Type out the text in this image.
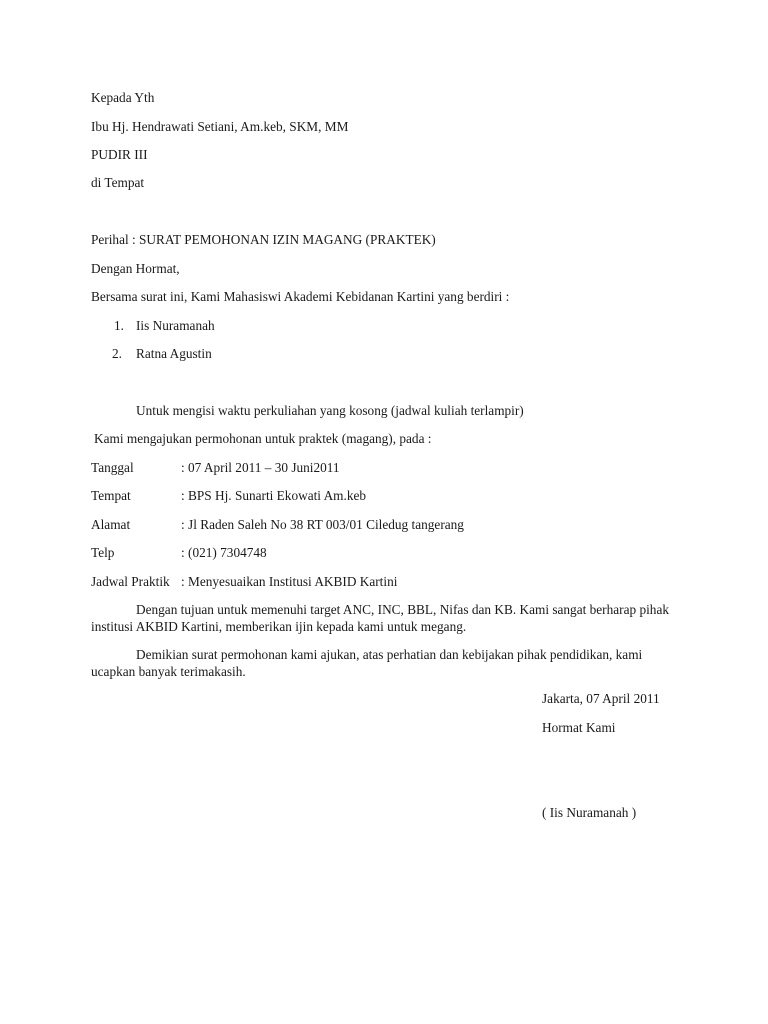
Kepada Yth
Ibu Hj. Hendrawati Setiani, Am.keb, SKM, MM
PUDIR III
di Tempat
Perihal : SURAT PEMOHONAN IZIN MAGANG (PRAKTEK)
Dengan Hormat,
Bersama surat ini, Kami Mahasiswi Akademi Kebidanan Kartini yang berdiri :
1. Iis Nuramanah
2. Ratna Agustin
Untuk mengisi waktu perkuliahan yang kosong (jadwal kuliah terlampir)
Kami mengajukan permohonan untuk praktek (magang), pada :
Tanggal	: 07 April 2011 – 30 Juni2011
Tempat	: BPS Hj. Sunarti Ekowati Am.keb
Alamat	: Jl Raden Saleh No 38 RT 003/01 Ciledug tangerang
Telp	: (021) 7304748
Jadwal Praktik : Menyesuaikan Institusi AKBID Kartini
Dengan tujuan untuk memenuhi target ANC, INC, BBL, Nifas dan KB. Kami sangat berharap pihak institusi AKBID Kartini, memberikan ijin kepada kami untuk megang.
Demikian surat permohonan kami ajukan, atas perhatian dan kebijakan pihak pendidikan, kami ucapkan banyak terimakasih.
Jakarta, 07 April 2011
Hormat Kami
( Iis Nuramanah )
